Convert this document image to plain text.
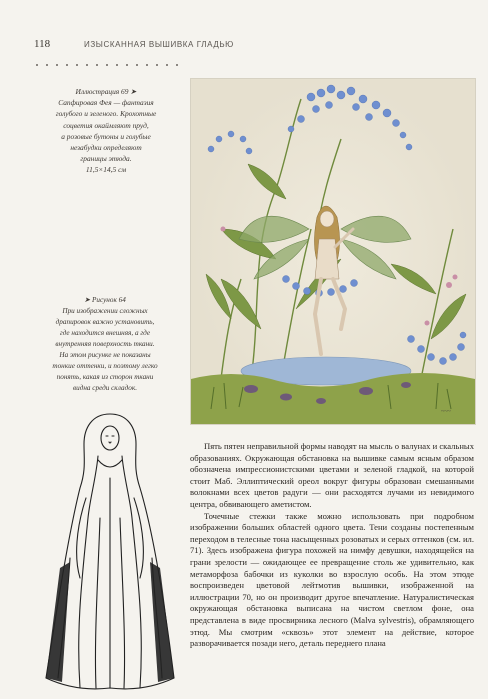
118	ИЗЫСКАННАЯ ВЫШИВКА ГЛАДЬЮ
Иллюстрация 69 ➤
Сапфировая Фея — фантазия
голубого и зеленого. Крохотные
соцветия окаймляют пруд,
а розовые бутоны и голубые
незабудки определяют
границы этюда.
11,5×14,5 см
➤ Рисунок 64
При изображении сложных
драпировок важно установить,
где находится внешняя, а где
внутренняя поверхность ткани.
На этом рисунке не показаны
тонкие оттенки, и поэтому легко
понять, какая из сторон ткани
видна среди складок.
~~~

Пять пятен неправильной формы наводят на мысль о валунах и скальных образованиях. Окружающая обстановка на вышивке самым ясным образом обозначена импрессионистскими цветами и зеленой гладкой, на которой стоит Маб. Эллиптический ореол вокруг фигуры образован смешанными волокнами всех цветов радуги — они расходятся лучами из невидимого центра, обвивающего аметистом.

Точечные стежки также можно использовать при подробном изображении больших областей одного цвета. Тени созданы постепенным переходом в телесные тона насыщенных розоватых и серых оттенков (см. ил. 71). Здесь изображена фигура похожей на нимфу девушки, находящейся на грани зрелости — ожидающее ее превращение столь же удивительно, как метаморфоза бабочки из куколки во взрослую особь. На этом этюде воспроизведен цветовой лейтмотив вышивки, изображенной на иллюстрации 70, но он производит другое впечатление. Натуралистическая окружающая обстановка выписана на чистом светлом фоне, она представлена в виде просвирника лесного (Malva sylvestris), обрамляющего этюд. Мы смотрим «сквозь» этот элемент на действие, которое разворачивается позади него, деталь переднего плана
